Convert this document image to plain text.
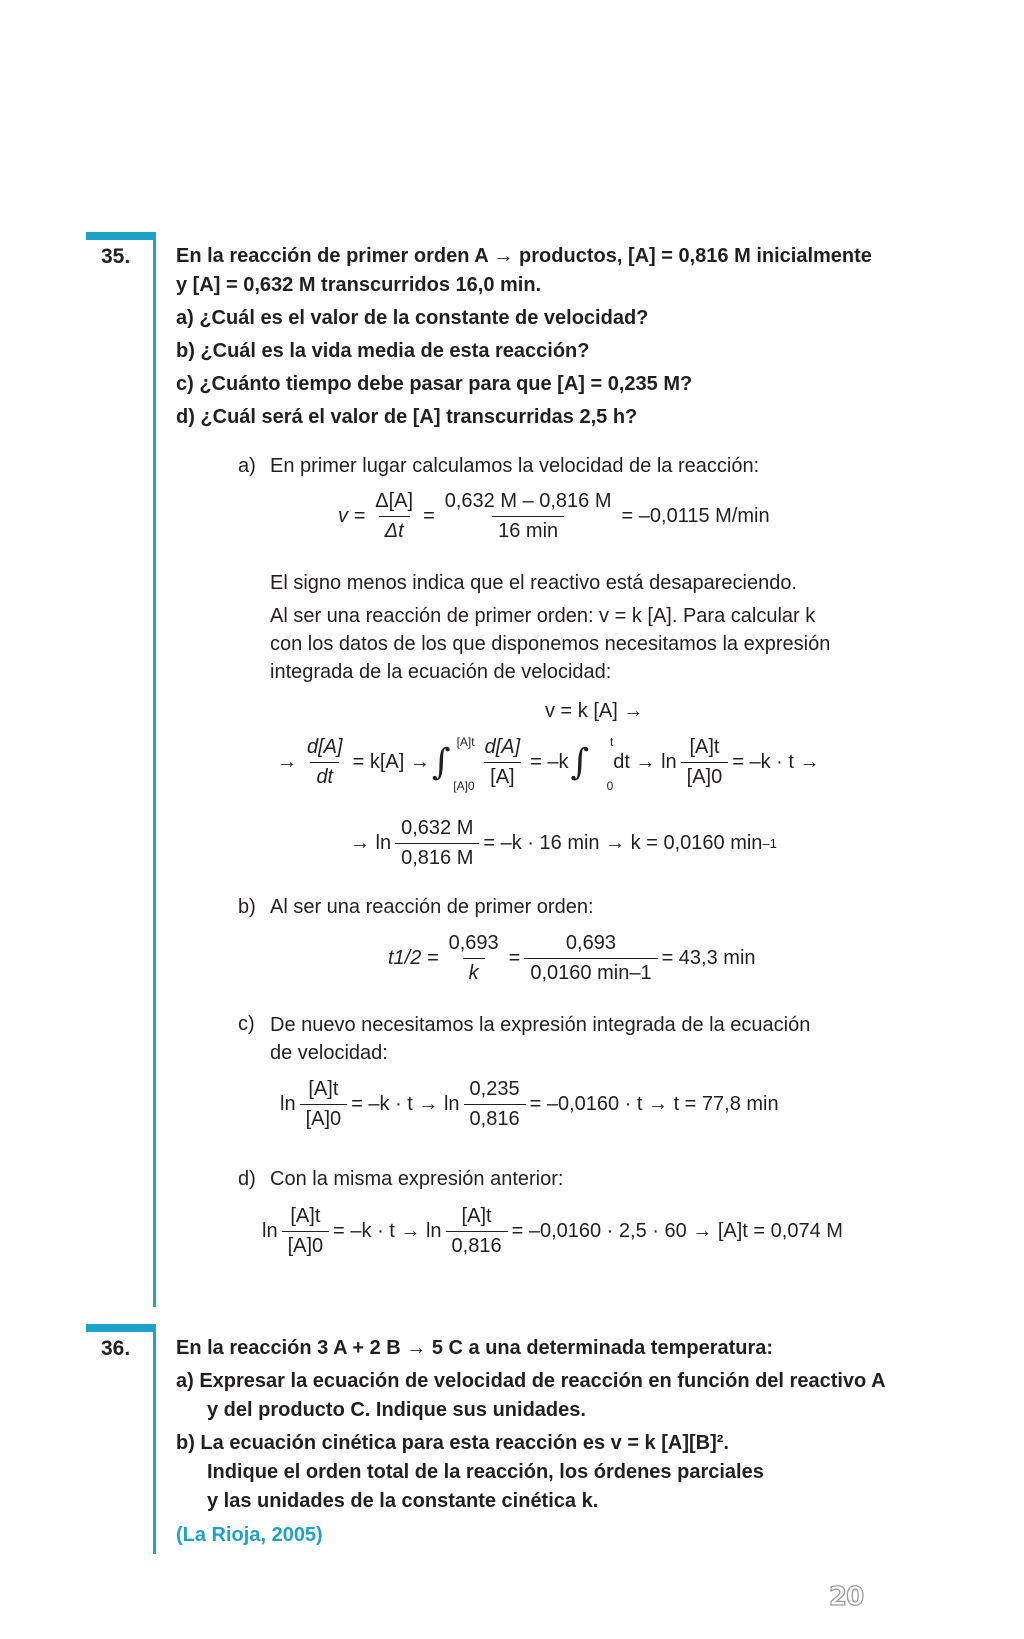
35. En la reacción de primer orden A → productos, [A] = 0,816 M inicialmente
y [A] = 0,632 M transcurridos 16,0 min.
a) ¿Cuál es el valor de la constante de velocidad?
b) ¿Cuál es la vida media de esta reacción?
c) ¿Cuánto tiempo debe pasar para que [A] = 0,235 M?
d) ¿Cuál será el valor de [A] transcurridas 2,5 h?
a) En primer lugar calculamos la velocidad de la reacción:
$v = \frac{\Delta[A]}{\Delta t} = \frac{0,632 M - 0,816 M}{16 \min} = -0,0115$ M/min
El signo menos indica que el reactivo está desapareciendo.
Al ser una reacción de primer orden: v = k [A]. Para calcular k
con los datos de los que disponemos necesitamos la expresión
integrada de la ecuación de velocidad:
v = k [A] →
→ $\frac{d[A]}{dt} = k[A]$ → ∫ [A]t
$[A]0 \frac{d[A]}{[A]} = -k$ ∫ t
0
dt → $\ln \frac{[A]t}{[A]0} = -k \cdot t$ →
→ $\ln \frac{0,632 M}{0,816 M} = -k \cdot 16$ min → k = 0,0160 min –1
b) Al ser una reacción de primer orden:
$t1/2 = \frac{0,693}{k} = \frac{0,693}{0,0160 \min-1} = 43,3$ min
c) De nuevo necesitamos la expresión integrada de la ecuación
de velocidad:
$\ln \frac{[A]t}{[A]0} = -k \cdot t \to \ln \frac{0,235}{0,816} = -0,0160 \cdot t \to t = 77,8$ min
d) Con la misma expresión anterior:
$\ln \frac{[A]t}{[A]0} = -k \cdot t \to \ln \frac{[A]t}{0,816} = -0,0160 \cdot 2,5 \cdot 60 \to [A]t = 0,074$ M
36. En la reacción 3 A + 2 B → 5 C a una determinada temperatura:
a) Expresar la ecuación de velocidad de reacción en función del reactivo A
y del producto C. Indique sus unidades.
b) La ecuación cinética para esta reacción es v = k [A][B]².
Indique el orden total de la reacción, los órdenes parciales
y las unidades de la constante cinética k.
(La Rioja, 2005)
20
